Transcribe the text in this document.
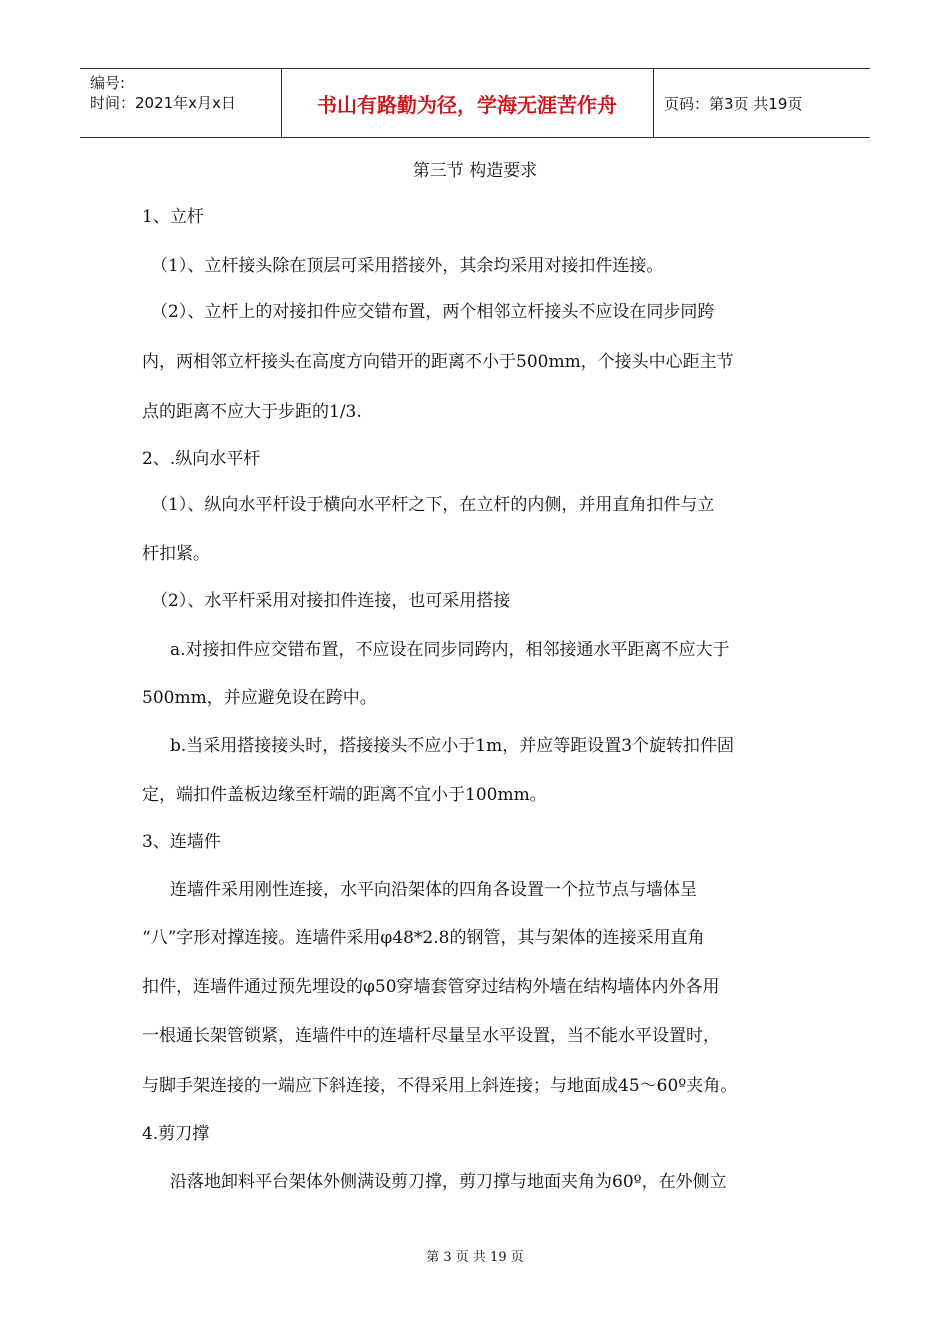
编号:
时间：2021年x月x日	书山有路勤为径，学海无涯苦作舟	页码：第3页 共19页
第三节 构造要求
1、立杆
（1）、立杆接头除在顶层可采用搭接外，其余均采用对接扣件连接。
（2）、立杆上的对接扣件应交错布置，两个相邻立杆接头不应设在同步同跨
内，两相邻立杆接头在高度方向错开的距离不小于500mm，个接头中心距主节
点的距离不应大于步距的1/3.
2、.纵向水平杆
（1）、纵向水平杆设于横向水平杆之下，在立杆的内侧，并用直角扣件与立
杆扣紧。
（2）、水平杆采用对接扣件连接，也可采用搭接
a.对接扣件应交错布置，不应设在同步同跨内，相邻接通水平距离不应大于
500mm，并应避免设在跨中。
b.当采用搭接接头时，搭接接头不应小于1m，并应等距设置3个旋转扣件固
定，端扣件盖板边缘至杆端的距离不宜小于100mm。
3、连墙件
连墙件采用刚性连接，水平向沿架体的四角各设置一个拉节点与墙体呈
“八”字形对撑连接。连墙件采用φ48*2.8的钢管，其与架体的连接采用直角
扣件，连墙件通过预先埋设的φ50穿墙套管穿过结构外墙在结构墙体内外各用
一根通长架管锁紧，连墙件中的连墙杆尽量呈水平设置，当不能水平设置时，
与脚手架连接的一端应下斜连接，不得采用上斜连接；与地面成45～60º夹角。
4.剪刀撑
沿落地卸料平台架体外侧满设剪刀撑，剪刀撑与地面夹角为60º，在外侧立
第 3 页 共 19 页
